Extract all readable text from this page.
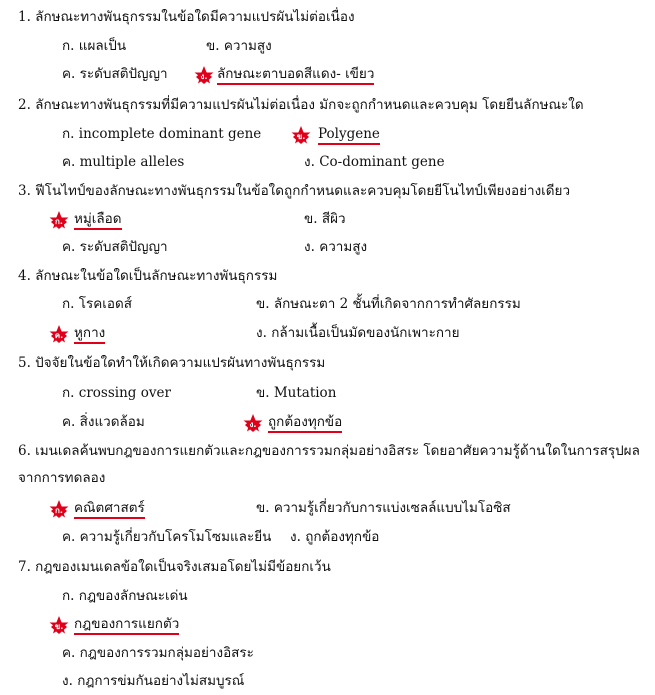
1. ลักษณะทางพันธุกรรมในข้อใดมีความแปรผันไม่ต่อเนื่อง
ก. แผลเป็น	ข. ความสูง
ค. ระดับสติปัญญา	ง. ลักษณะตาบอดสีแดง- เขียว
2. ลักษณะทางพันธุกรรมที่มีความแปรผันไม่ต่อเนื่อง มักจะถูกกำหนดและควบคุม โดยยีนลักษณะใด
ก. incomplete dominant gene	ข. Polygene
ค. multiple alleles	ง. Co-dominant gene
3. ฟีโนไทป์ของลักษณะทางพันธุกรรมในข้อใดถูกกำหนดและควบคุมโดยยีโนไทป์เพียงอย่างเดียว
ก. หมู่เลือด	ข. สีผิว
ค. ระดับสติปัญญา	ง. ความสูง
4. ลักษณะในข้อใดเป็นลักษณะทางพันธุกรรม
ก. โรคเอดส์	ข. ลักษณะตา 2 ชั้นที่เกิดจากการทำศัลยกรรม
ค. หูกาง	ง. กล้ามเนื้อเป็นมัดของนักเพาะกาย
5. ปัจจัยในข้อใดทำให้เกิดความแปรผันทางพันธุกรรม
ก. crossing over	ข. Mutation
ค. สิ่งแวดล้อม	ง. ถูกต้องทุกข้อ
6. เมนเดลค้นพบกฎของการแยกตัวและกฎของการรวมกลุ่มอย่างอิสระ โดยอาศัยความรู้ด้านใดในการสรุปผล
จากการทดลอง
ก. คณิตศาสตร์	ข. ความรู้เกี่ยวกับการแบ่งเซลล์แบบไมโอซิส
ค. ความรู้เกี่ยวกับโครโมโซมและยีน ง. ถูกต้องทุกข้อ
7. กฎของเมนเดลข้อใดเป็นจริงเสมอโดยไม่มีข้อยกเว้น
ก. กฎของลักษณะเด่น
ข. กฎของการแยกตัว
ค. กฎของการรวมกลุ่มอย่างอิสระ
ง. กฎการข่มกันอย่างไม่สมบูรณ์
